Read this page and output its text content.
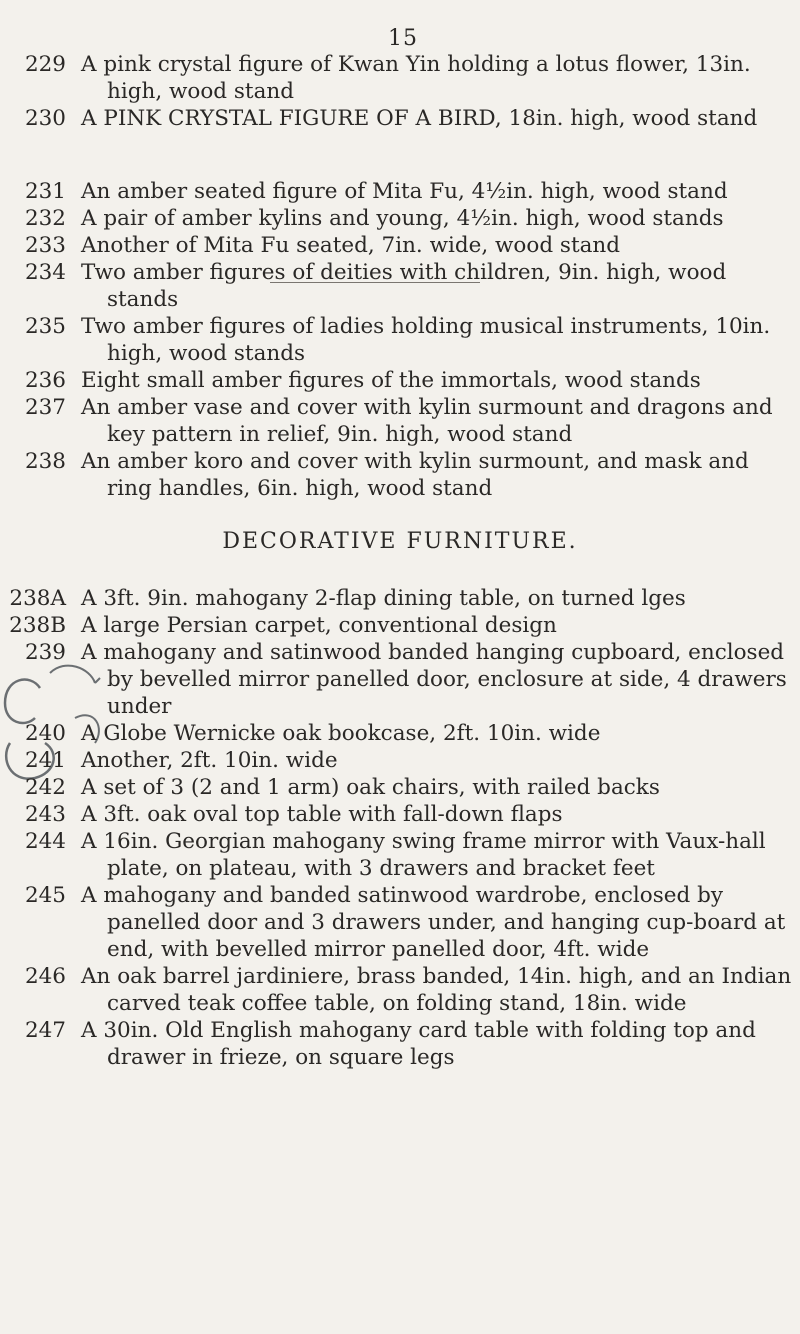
15
229 A pink crystal figure of Kwan Yin holding a lotus flower, 13in. high, wood stand
230 A PINK CRYSTAL FIGURE OF A BIRD, 18in. high, wood stand
231 An amber seated figure of Mita Fu, 4½in. high, wood stand
232 A pair of amber kylins and young, 4½in. high, wood stands
233 Another of Mita Fu seated, 7in. wide, wood stand
234 Two amber figures of deities with children, 9in. high, wood stands
235 Two amber figures of ladies holding musical instruments, 10in. high, wood stands
236 Eight small amber figures of the immortals, wood stands
237 An amber vase and cover with kylin surmount and dragons and key pattern in relief, 9in. high, wood stand
238 An amber koro and cover with kylin surmount, and mask and ring handles, 6in. high, wood stand
DECORATIVE FURNITURE.
238A A 3ft. 9in. mahogany 2-flap dining table, on turned lges
238B A large Persian carpet, conventional design
239 A mahogany and satinwood banded hanging cupboard, enclosed by bevelled mirror panelled door, enclosure at side, 4 drawers under
240 A Globe Wernicke oak bookcase, 2ft. 10in. wide
241 Another, 2ft. 10in. wide
242 A set of 3 (2 and 1 arm) oak chairs, with railed backs
243 A 3ft. oak oval top table with fall-down flaps
244 A 16in. Georgian mahogany swing frame mirror with Vaux-hall plate, on plateau, with 3 drawers and bracket feet
245 A mahogany and banded satinwood wardrobe, enclosed by panelled door and 3 drawers under, and hanging cup-board at end, with bevelled mirror panelled door, 4ft. wide
246 An oak barrel jardiniere, brass banded, 14in. high, and an Indian carved teak coffee table, on folding stand, 18in. wide
247 A 30in. Old English mahogany card table with folding top and drawer in frieze, on square legs
